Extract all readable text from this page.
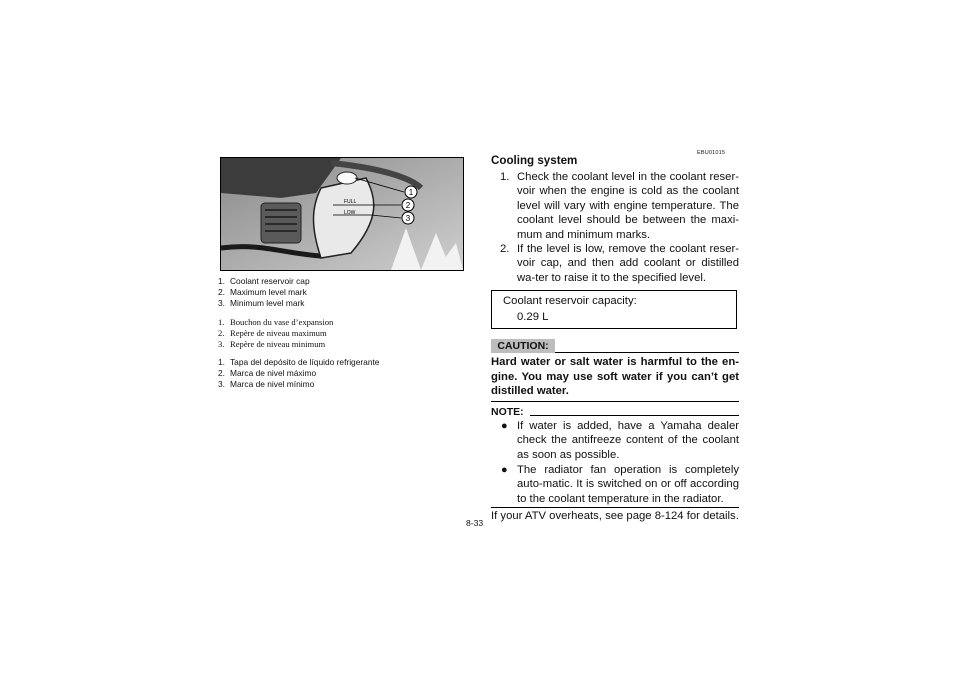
FULL
LOW
1
2
3
1. Coolant reservoir cap
2. Maximum level mark
3. Minimum level mark
1. Bouchon du vase d’expansion
2. Repère de niveau maximum
3. Repère de niveau minimum
1. Tapa del depósito de líquido refrigerante
2. Marca de nivel máximo
3. Marca de nivel mínimo
EBU01015
Cooling system
1. Check the coolant level in the coolant reser-voir when the engine is cold as the coolant level will vary with engine temperature. The coolant level should be between the maxi-mum and minimum marks.
2. If the level is low, remove the coolant reser-voir cap, and then add coolant or distilled wa-ter to raise it to the specified level.
Coolant reservoir capacity:
0.29 L
CAUTION:
Hard water or salt water is harmful to the en-gine. You may use soft water if you can’t get distilled water.
NOTE:
● If water is added, have a Yamaha dealer check the antifreeze content of the coolant as soon as possible.
● The radiator fan operation is completely auto-matic. It is switched on or off according to the coolant temperature in the radiator.
If your ATV overheats, see page 8-124 for details.
8-33
